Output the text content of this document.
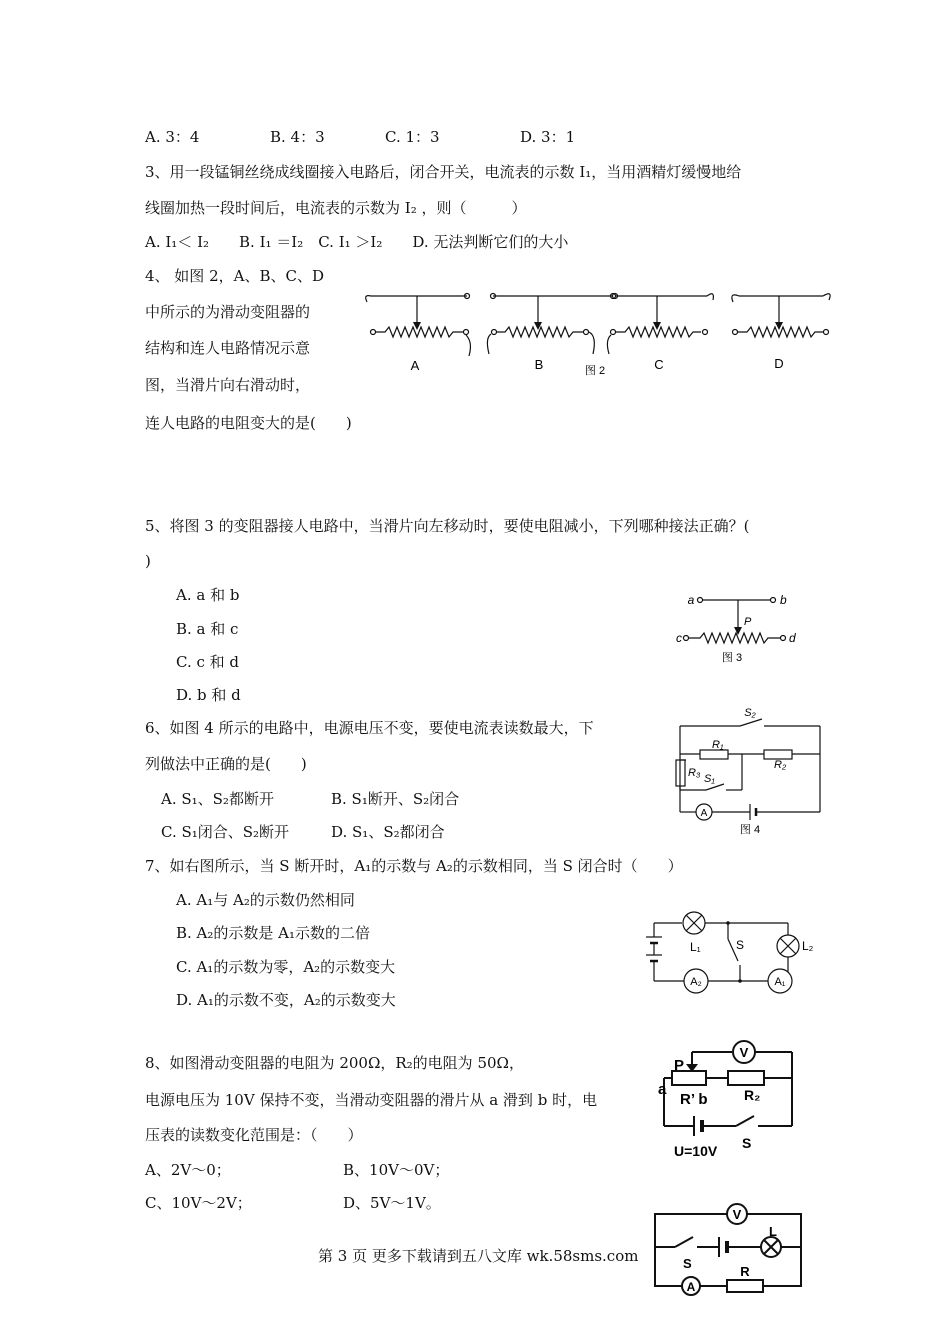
A. 3：4	B. 4：3	C. 1：3	D. 3：1
3、用一段锰铜丝绕成线圈接入电路后，闭合开关，电流表的示数 I₁，当用酒精灯缓慢地给
线圈加热一段时间后，电流表的示数为 I₂ ，则（　　　）
A. I₁＜ I₂　　B. I₁ ＝I₂　C. I₁ ＞I₂　　D. 无法判断它们的大小
4、 如图 2，A、B、C、D
中所示的为滑动变阻器的
结构和连人电路情况示意
图，当滑片向右滑动时，
连人电路的电阻变大的是(　　)
A	B	图 2	C	D
5、将图 3 的变阻器接人电路中，当滑片向左移动时，要使电阻减小，下列哪种接法正确？(
)
A. a 和 b
B. a 和 c
C. c 和 d
D. b 和 d
a	b
c	d
P
图 3
6、如图 4 所示的电路中，电源电压不变，要使电流表读数最大，下
列做法中正确的是(　　)
A. S₁、S₂都断开	B. S₁断开、S₂闭合
C. S₁闭合、S₂断开	D. S₁、S₂都闭合
S₂
R₁
R₂
R₃ S₁
A
图 4
7、如右图所示，当 S 断开时，A₁的示数与 A₂的示数相同，当 S 闭合时（　　）
A. A₁与 A₂的示数仍然相同
B. A₂的示数是 A₁示数的二倍
C. A₁的示数为零，A₂的示数变大
D. A₁的示数不变，A₂的示数变大
L₁	S	L₂
A₂	A₁
8、如图滑动变阻器的电阻为 200Ω，R₂的电阻为 50Ω，
电源电压为 10V 保持不变，当滑动变阻器的滑片从 a 滑到 b 时，电
压表的读数变化范围是：（　　）
A、2V～0；	B、10V～0V；
C、10V～2V；	D、5V～1V。
V
P
a
R’ b	R₂
S
U=10V
V
L
S
A
R
第 3 页 更多下载请到五八文库 wk.58sms.com
